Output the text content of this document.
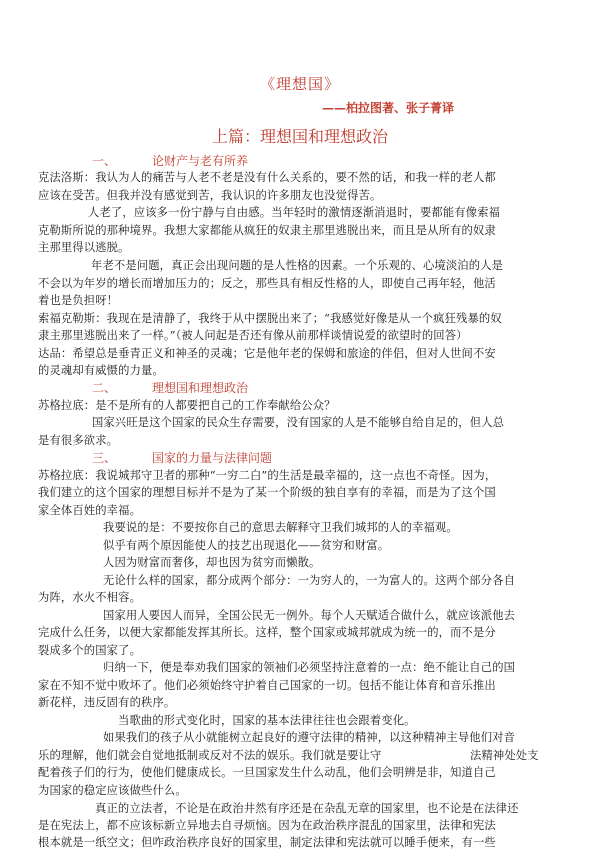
《理想国》
——柏拉图著、张子菁译
上篇：理想国和理想政治
一、	论财产与老有所养
克法洛斯：我认为人的痛苦与人老不老是没有什么关系的，要不然的话，和我一样的老人都
应该在受苦。但我并没有感觉到苦，我认识的许多朋友也没觉得苦。
人老了，应该多一份宁静与自由感。当年轻时的激情逐渐消退时，要都能有像索福
克勒斯所说的那种境界。我想大家都能从疯狂的奴隶主那里逃脱出来，而且是从所有的奴隶
主那里得以逃脱。
年老不是问题，真正会出现问题的是人性格的因素。一个乐观的、心境淡泊的人是
不会以为年岁的增长而增加压力的；反之，那些具有相反性格的人，即使自己再年轻，他活
着也是负担呀！
索福克勒斯：我现在是清静了，我终于从中摆脱出来了；“我感觉好像是从一个疯狂残暴的奴
隶主那里逃脱出来了一样。”（被人问起是否还有像从前那样谈情说爱的欲望时的回答）
达品：希望总是垂青正义和神圣的灵魂；它是他年老的保姆和旅途的伴侣，但对人世间不安
的灵魂却有威慑的力量。
二、	理想国和理想政治
苏格拉底：是不是所有的人都要把自己的工作奉献给公众？
国家兴旺是这个国家的民众生存需要，没有国家的人是不能够自给自足的，但人总
是有很多欲求。
三、	国家的力量与法律问题
苏格拉底：我说城邦守卫者的那种“一穷二白”的生活是最幸福的，这一点也不奇怪。因为，
我们建立的这个国家的理想目标并不是为了某一个阶级的独自享有的幸福，而是为了这个国
家全体百姓的幸福。
我要说的是：不要按你自己的意思去解释守卫我们城邦的人的幸福观。
似乎有两个原因能使人的技艺出现退化——贫穷和财富。
人因为财富而奢侈，却也因为贫穷而懒散。
无论什么样的国家，都分成两个部分：一为穷人的，一为富人的。这两个部分各自
为阵，水火不相容。
国家用人要因人而异，全国公民无一例外。每个人天赋适合做什么，就应该派他去
完成什么任务，以便大家都能发挥其所长。这样，整个国家或城邦就成为统一的，而不是分
裂成多个的国家了。
归纳一下，便是奉劝我们国家的领袖们必须坚持注意着的一点：绝不能让自己的国
家在不知不觉中败坏了。他们必须始终守护着自己国家的一切。包括不能让体育和音乐推出
新花样，违反固有的秩序。
当歌曲的形式变化时，国家的基本法律往往也会跟着变化。
如果我们的孩子从小就能树立起良好的遵守法律的精神，以这种精神主导他们对音
乐的理解，他们就会自觉地抵制或反对不法的娱乐。我们就是要让守	法精神处处支
配着孩子们的行为，使他们健康成长。一旦国家发生什么动乱，他们会明辨是非，知道自己
为国家的稳定应该做些什么。
真正的立法者，不论是在政治井然有序还是在杂乱无章的国家里，也不论是在法律还
是在宪法上，都不应该标新立异地去自寻烦恼。因为在政治秩序混乱的国家里，法律和宪法
根本就是一纸空文；但咋政治秩序良好的国家里，制定法律和宪法就可以睡手便来，有一些
